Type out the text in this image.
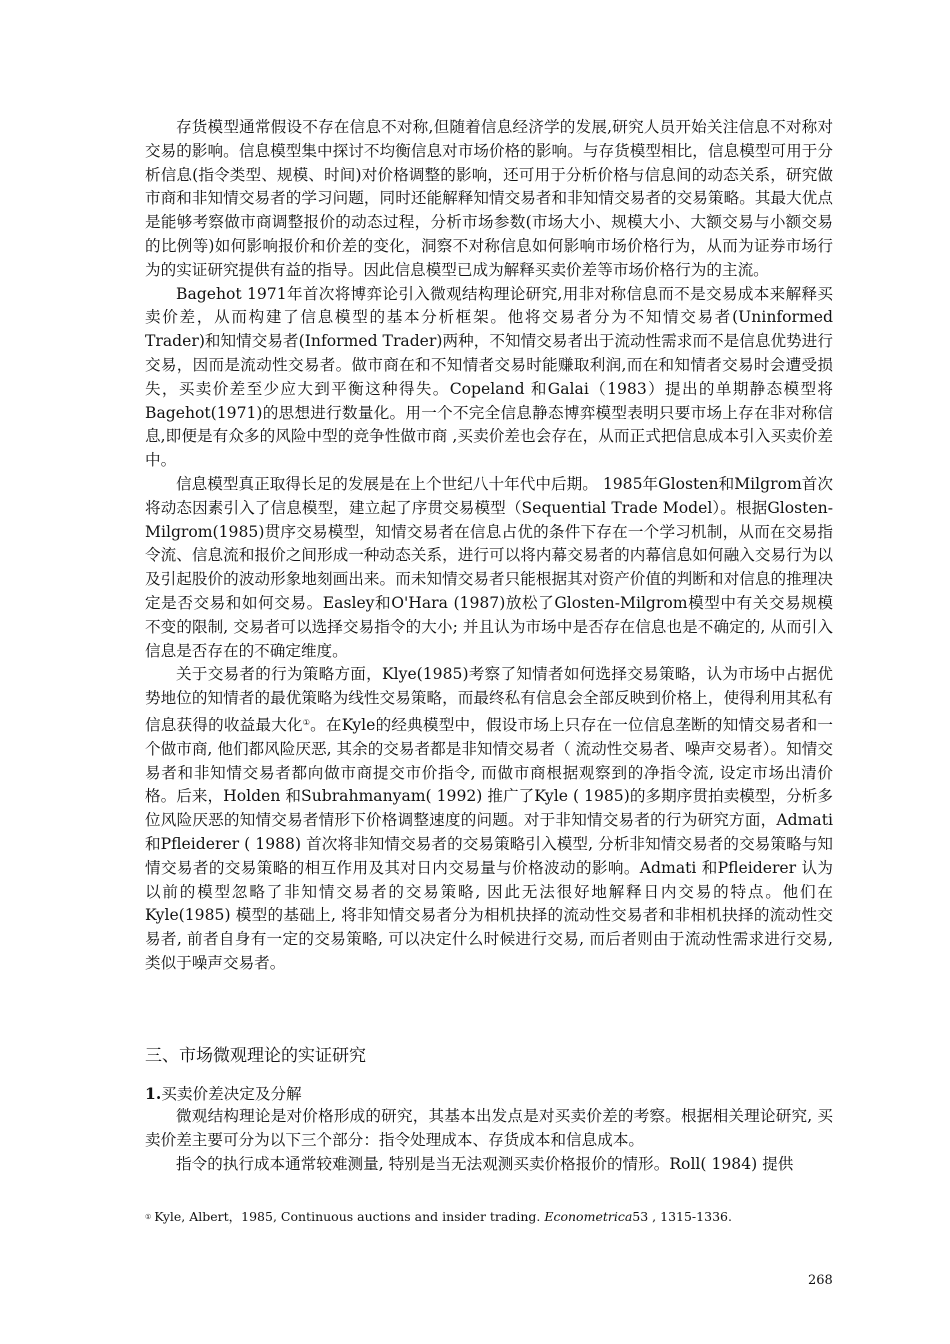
存货模型通常假设不存在信息不对称,但随着信息经济学的发展,研究人员开始关注信息不对称对交易的影响。信息模型集中探讨不均衡信息对市场价格的影响。与存货模型相比，信息模型可用于分析信息(指令类型、规模、时间)对价格调整的影响，还可用于分析价格与信息间的动态关系，研究做市商和非知情交易者的学习问题，同时还能解释知情交易者和非知情交易者的交易策略。其最大优点是能够考察做市商调整报价的动态过程，分析市场参数(市场大小、规模大小、大额交易与小额交易的比例等)如何影响报价和价差的变化，洞察不对称信息如何影响市场价格行为，从而为证券市场行为的实证研究提供有益的指导。因此信息模型已成为解释买卖价差等市场价格行为的主流。

Bagehot 1971年首次将博弈论引入微观结构理论研究,用非对称信息而不是交易成本来解释买卖价差，从而构建了信息模型的基本分析框架。他将交易者分为不知情交易者(Uninformed Trader)和知情交易者(Informed Trader)两种，不知情交易者出于流动性需求而不是信息优势进行交易，因而是流动性交易者。做市商在和不知情者交易时能赚取利润,而在和知情者交易时会遭受损失，买卖价差至少应大到平衡这种得失。Copeland 和Galai（1983）提出的单期静态模型将Bagehot(1971)的思想进行数量化。用一个不完全信息静态博弈模型表明只要市场上存在非对称信息,即便是有众多的风险中型的竞争性做市商 ,买卖价差也会存在，从而正式把信息成本引入买卖价差中。

信息模型真正取得长足的发展是在上个世纪八十年代中后期。 1985年Glosten和Milgrom首次将动态因素引入了信息模型，建立起了序贯交易模型（Sequential Trade Model）。根据Glosten-Milgrom(1985)贯序交易模型，知情交易者在信息占优的条件下存在一个学习机制，从而在交易指令流、信息流和报价之间形成一种动态关系，进行可以将内幕交易者的内幕信息如何融入交易行为以及引起股价的波动形象地刻画出来。而未知情交易者只能根据其对资产价值的判断和对信息的推理决定是否交易和如何交易。Easley和O'Hara (1987)放松了Glosten-Milgrom模型中有关交易规模不变的限制, 交易者可以选择交易指令的大小; 并且认为市场中是否存在信息也是不确定的, 从而引入信息是否存在的不确定维度。

关于交易者的行为策略方面，Klye(1985)考察了知情者如何选择交易策略，认为市场中占据优势地位的知情者的最优策略为线性交易策略，而最终私有信息会全部反映到价格上，使得利用其私有信息获得的收益最大化①。在Kyle的经典模型中，假设市场上只存在一位信息垄断的知情交易者和一个做市商, 他们都风险厌恶, 其余的交易者都是非知情交易者（ 流动性交易者、噪声交易者）。知情交易者和非知情交易者都向做市商提交市价指令, 而做市商根据观察到的净指令流, 设定市场出清价格。后来，Holden 和Subrahmanyam( 1992) 推广了Kyle ( 1985)的多期序贯拍卖模型，分析多位风险厌恶的知情交易者情形下价格调整速度的问题。对于非知情交易者的行为研究方面，Admati 和Pfleiderer ( 1988) 首次将非知情交易者的交易策略引入模型, 分析非知情交易者的交易策略与知情交易者的交易策略的相互作用及其对日内交易量与价格波动的影响。Admati 和Pfleiderer 认为以前的模型忽略了非知情交易者的交易策略, 因此无法很好地解释日内交易的特点。他们在Kyle(1985) 模型的基础上, 将非知情交易者分为相机抉择的流动性交易者和非相机抉择的流动性交易者, 前者自身有一定的交易策略, 可以决定什么时候进行交易, 而后者则由于流动性需求进行交易, 类似于噪声交易者。

三、市场微观理论的实证研究
1.买卖价差决定及分解

微观结构理论是对价格形成的研究，其基本出发点是对买卖价差的考察。根据相关理论研究, 买卖价差主要可分为以下三个部分：指令处理成本、存货成本和信息成本。

指令的执行成本通常较难测量, 特别是当无法观测买卖价格报价的情形。Roll( 1984) 提供

① Kyle, Albert，1985, Continuous auctions and insider trading. Econometrica53 , 1315-1336.
268
